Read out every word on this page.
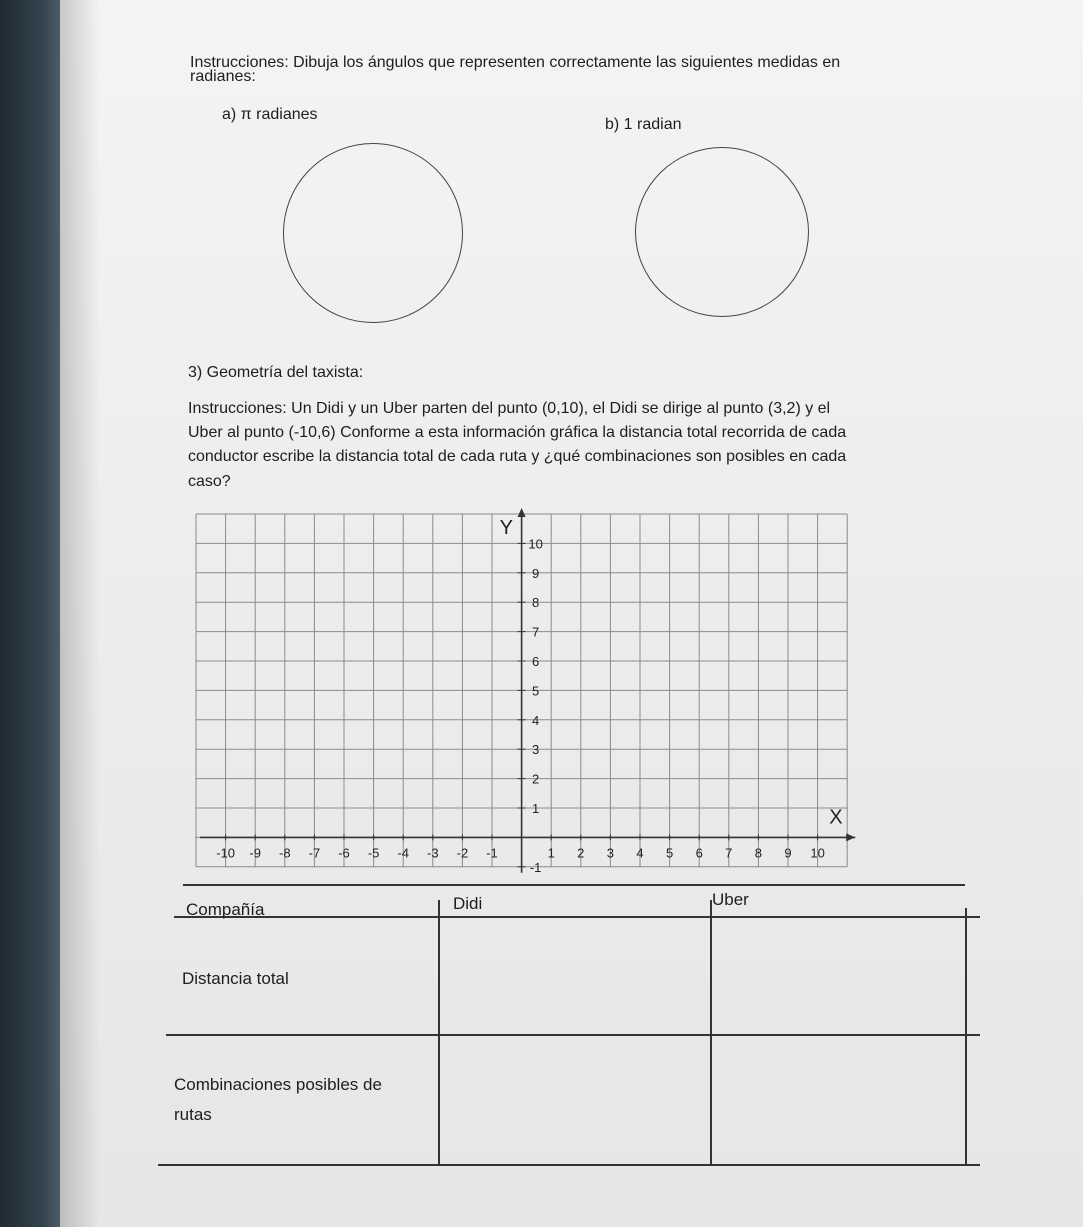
Instrucciones: Dibuja los ángulos que representen correctamente las siguientes medidas en
radianes:
a) π radianes
b) 1 radian
3) Geometría del taxista:
Instrucciones: Un Didi y un Uber parten del punto (0,10), el Didi se dirige al punto (3,2) y el
Uber al punto (-10,6) Conforme a esta información gráfica la distancia total recorrida de cada
conductor escribe la distancia total de cada ruta y ¿qué combinaciones son posibles en cada
caso?
-10 -9 -8 -7 -6 -5 -4 -3 -2 -1	1 2 3 4 5 6 7 8 9 10
10
9
8
7
6
5
4
3
2
1
-1
X
Y
Compañía	Didi	Uber
Distancia total
Combinaciones posibles de
rutas
